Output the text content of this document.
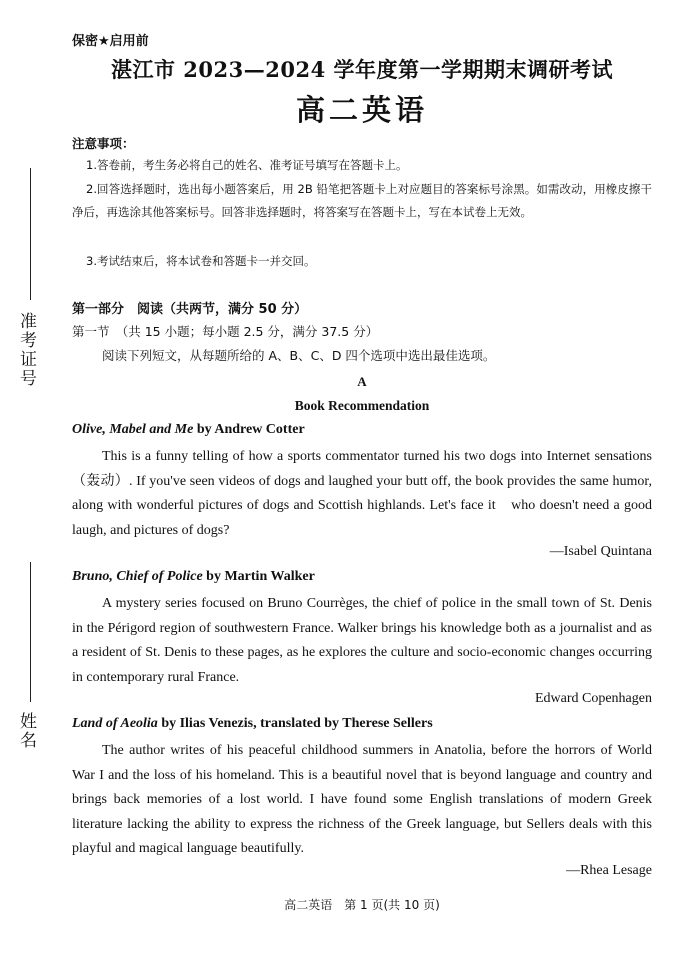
准考证号
姓名
保密★启用前
湛江市 2023—2024 学年度第一学期期末调研考试
高二英语
注意事项：
1.答卷前，考生务必将自己的姓名、准考证号填写在答题卡上。
2.回答选择题时，选出每小题答案后，用 2B 铅笔把答题卡上对应题目的答案标号涂黑。如需改动，用橡皮擦干净后，再选涂其他答案标号。回答非选择题时，将答案写在答题卡上，写在本试卷上无效。
3.考试结束后，将本试卷和答题卡一并交回。
第一部分　阅读（共两节，满分 50 分）
第一节　（共 15 小题；每小题 2.5 分，满分 37.5 分）
阅读下列短文，从每题所给的 A、B、C、D 四个选项中选出最佳选项。
A
Book Recommendation
Olive, Mabel and Me by Andrew Cotter
This is a funny telling of how a sports commentator turned his two dogs into Internet sensations（轰动）. If you've seen videos of dogs and laughed your butt off, the book provides the same humor, along with wonderful pictures of dogs and Scottish highlands. Let's face it　who doesn't need a good laugh, and pictures of dogs?
—Isabel Quintana
Bruno, Chief of Police by Martin Walker
A mystery series focused on Bruno Courrèges, the chief of police in the small town of St. Denis in the Périgord region of southwestern France. Walker brings his knowledge both as a journalist and as a resident of St. Denis to these pages, as he explores the culture and socio-economic changes occurring in contemporary rural France.
Edward Copenhagen
Land of Aeolia by Ilias Venezis, translated by Therese Sellers
The author writes of his peaceful childhood summers in Anatolia, before the horrors of World War I and the loss of his homeland. This is a beautiful novel that is beyond language and country and brings back memories of a lost world. I have found some English translations of modern Greek literature lacking the ability to express the richness of the Greek language, but Sellers deals with this playful and magical language beautifully.
—Rhea Lesage
高二英语　第 1 页(共 10 页)
